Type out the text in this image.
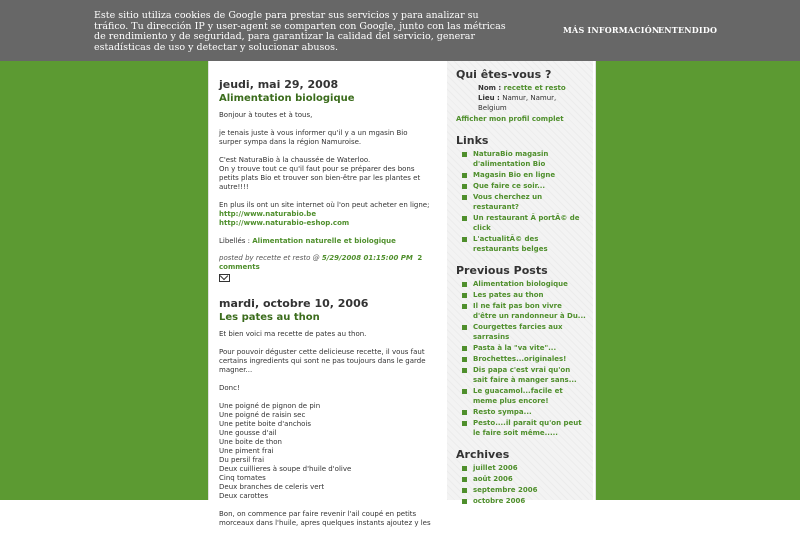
jeudi, mai 29, 2008
Alimentation biologique
Bonjour à toutes et à tous,
je tenais juste à vous informer qu'il y a un mgasin Bio surper sympa dans la région Namuroise.
C'est NaturaBio à la chaussée de Waterloo.
On y trouve tout ce qu'il faut pour se préparer des bons petits plats Bio et trouver son bien-être par les plantes et autre!!!!
En plus ils ont un site internet où l'on peut acheter en ligne;
http://www.naturabio.be
http://www.naturabio-eshop.com
Libellés : Alimentation naturelle et biologique
posted by recette et resto @ 5/29/2008 01:15:00 PM 2 comments
mardi, octobre 10, 2006
Les pates au thon
Et bien voici ma recette de pates au thon.
Pour pouvoir déguster cette delicieuse recette, il vous faut certains ingredients qui sont ne pas toujours dans le garde magner...
Donc!
Une poigné de pignon de pin
Une poigné de raisin sec
Une petite boite d'anchois
Une gousse d'ail
Une boite de thon
Une piment frai
Du persil frai
Deux cuillieres à soupe d'huile d'olive
Cinq tomates
Deux branches de celeris vert
Deux carottes
Bon, on commence par faire revenir l'ail coupé en petits morceaux dans l'huile, apres quelques instants ajoutez y les
Qui êtes-vous ?
Nom : recette et resto
Lieu : Namur, Namur, Belgium
Afficher mon profil complet
Links
NaturaBio magasin d'alimentation Bio
Magasin Bio en ligne
Que faire ce soir...
Vous cherchez un restaurant?
Un restaurant Ã portÃ© de click
L'actualitÃ© des restaurants belges
Previous Posts
Alimentation biologique
Les pates au thon
Il ne fait pas bon vivre d'être un randonneur à Du...
Courgettes farcies aux sarrasins
Pasta à la "va vite"...
Brochettes...originales!
Dis papa c'est vrai qu'on sait faire à manger sans...
Le guacamol...facile et meme plus encore!
Resto sympa...
Pesto....il parait qu'on peut le faire soit même.....
Archives
juillet 2006
août 2006
septembre 2006
octobre 2006
Este sitio utiliza cookies de Google para prestar sus servicios y para analizar su tráfico. Tu dirección IP y user-agent se comparten con Google, junto con las métricas de rendimiento y de seguridad, para garantizar la calidad del servicio, generar estadísticas de uso y detectar y solucionar abusos.
MÁS INFORMACIÓN
ENTENDIDO
